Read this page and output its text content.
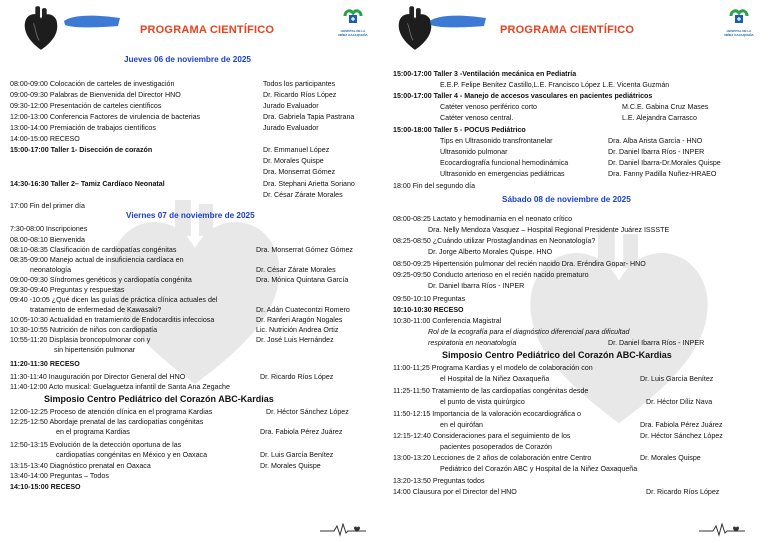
PROGRAMA CIENTÍFICO	HOSPITAL DE LA NIÑEZ OAXAQUEÑA
Jueves 06 de noviembre de 2025
08:00-09:00 Colocación de carteles de investigación	Todos los participantes
09:00-09:30 Palabras de Bienvenida del Director HNO	Dr. Ricardo Ríos López
09:30-12:00 Presentación de carteles científicos	Jurado Evaluador
12:00-13:00 Conferencia Factores de virulencia de bacterias	Dra. Gabriela Tapia Pastrana
13:00-14:00 Premiación de trabajos científicos	Jurado Evaluador
14:00-15:00 RECESO
15:00-17:00 Taller 1- Disección de corazón	Dr. Emmanuel López
Dr. Morales Quispe
Dra. Monserrat Gómez
14:30-16:30 Taller 2– Tamiz Cardíaco Neonatal	Dra. Stephani Arietta Soriano
Dr. César Zárate Morales
17:00 Fin del primer día
Viernes 07 de noviembre de 2025
7:30-08:00 Inscripciones
08.00-08:10 Bienvenida
08:10-08:35 Clasificación de cardiopatías congénitas	Dra. Monserrat Gómez Gómez
08:35-09:00 Manejo actual de insuficiencia cardíaca en
neonatología	Dr. César Zárate Morales
09:00-09:30 Síndromes genéticos y cardiopatía congénita	Dra. Mónica Quintana García
09:30-09:40 Preguntas y respuestas
09:40 -10:05 ¿Qué dicen las guías de práctica clínica actuales del
tratamiento de enfermedad de Kawasaki?	Dr. Adán Cuatecontzi Romero
10:05-10:30 Actualidad en tratamiento de Endocarditis infecciosa	Dr. Ranferi Aragón Nogales
10:30-10:55 Nutrición de niños con cardiopatía	Lic. Nutrición Andrea Ortiz
10:55-11:20 Displasia broncopulmonar con y	Dr. José Luis Hernández
sin hipertensión pulmonar
11:20-11:30 RECESO
11:30-11:40 Inauguración por Director General del HNO	Dr. Ricardo Ríos López
11:40-12:00 Acto musical: Guelaguetza infantil de Santa Ana Zegache
Simposio Centro Pediátrico del Corazón ABC-Kardias
12:00-12:25 Proceso de atención clínica en el programa Kardias	Dr. Héctor Sánchez López
12:25-12:50 Abordaje prenatal de las cardiopatías congénitas
en el programa Kardias	Dra. Fabiola Pérez Juárez
12:50-13:15 Evolución de la detección oportuna de las
cardiopatías congénitas en México y en Oaxaca	Dr. Luis García Benítez
13:15-13:40 Diagnóstico prenatal en Oaxaca	Dr. Morales Quispe
13:40-14:00 Preguntas – Todos
14:10-15:00 RECESO
PROGRAMA CIENTÍFICO	HOSPITAL DE LA NIÑEZ OAXAQUEÑA
15:00-17:00 Taller 3 -Ventilación mecánica en Pediatría
E.E.P. Felipe Benítez Castillo,L.E. Francisco López L.E. Vicenta Guzmán
15:00-17:00 Taller 4 - Manejo de accesos vasculares en pacientes pediátricos
Catéter venoso periférico corto	M.C.E. Gabina Cruz Mases
Catéter venoso central.	L.E. Alejandra Carrasco
15:00-18:00 Taller 5 - POCUS Pediátrico
Tips en Ultrasonido transfrontanelar	Dra. Alba Arista García - HNO
Ultrasonido pulmonar	Dr. Daniel Ibarra Ríos - INPER
Ecocardiografía funcional hemodinámica	Dr. Daniel Ibarra-Dr.Morales Quispe
Ultrasonido en emergencias pediátricas	Dra. Fanny Padilla Nuñez-HRAEO
18:00 Fin del segundo día
Sábado 08 de noviembre de 2025
08:00-08:25 Lactato y hemodinamia en el neonato crítico
Dra. Nelly Mendoza Vasquez – Hospital Regional Presidente Juárez ISSSTE
08:25-08:50 ¿Cuándo utilizar Prostaglandinas en Neonatología?
Dr. Jorge Alberto Morales Quispe. HNO
08:50-09:25 Hipertensión pulmonar del recién nacido Dra. Eréndira Gopar- HNO
09:25-09:50 Conducto arterioso en el recién nacido prematuro
Dr. Daniel Ibarra Ríos - INPER
09:50-10:10 Preguntas
10:10-10:30 RECESO
10:30-11:00 Conferencia Magistral
Rol de la ecografía para el diagnóstico diferencial para dificultad
respiratoria en neonatología	Dr. Daniel Ibarra Ríos - INPER
Simposio Centro Pediátrico del Corazón ABC-Kardias
11:00-11;25 Programa Kardias y el modelo de colaboración con
el Hospital de la Niñez Oaxaqueña	Dr. Luis García Benítez
11:25-11:50 Tratamiento de las cardiopatías congénitas desde
el punto de vista quirúrgico	Dr. Héctor Díliz Nava
11:50-12:15 Importancia de la valoración ecocardiográfica o
en el quirófan	Dra. Fabiola Pérez Juárez
12:15-12:40 Consideraciones para el seguimiento de los
pacientes posoperados de Corazón
Dr. Héctor Sánchez López
13:00-13:20 Lecciones de 2 años de colaboración entre Centro	Dr. Morales Quispe
Pediátrico del Corazón ABC y Hospital de la Niñez Oaxaqueña
13:20-13:50 Preguntas todos
14:00 Clausura por el Director del HNO	Dr. Ricardo Ríos López
